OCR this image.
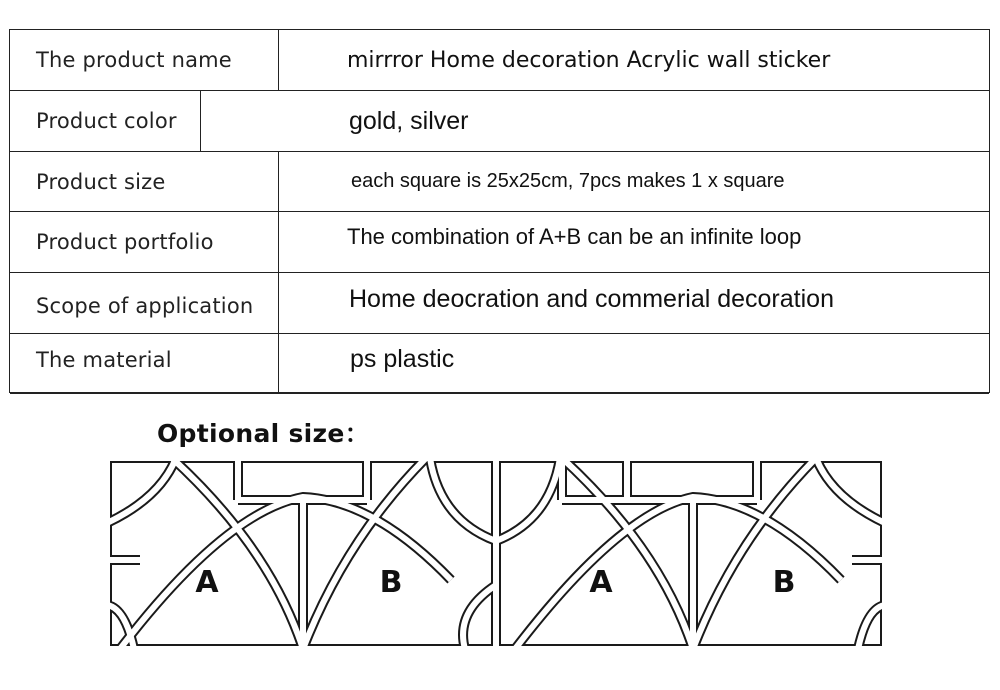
The product name	mirrror Home decoration Acrylic wall sticker
Product color	gold, silver
Product size	each square is 25x25cm, 7pcs makes 1 x square
Product portfolio	The combination of A+B can be an infinite loop
Scope of application	Home deocration and commerial decoration
The material	ps plastic
Optional size：
A	B	A	B
